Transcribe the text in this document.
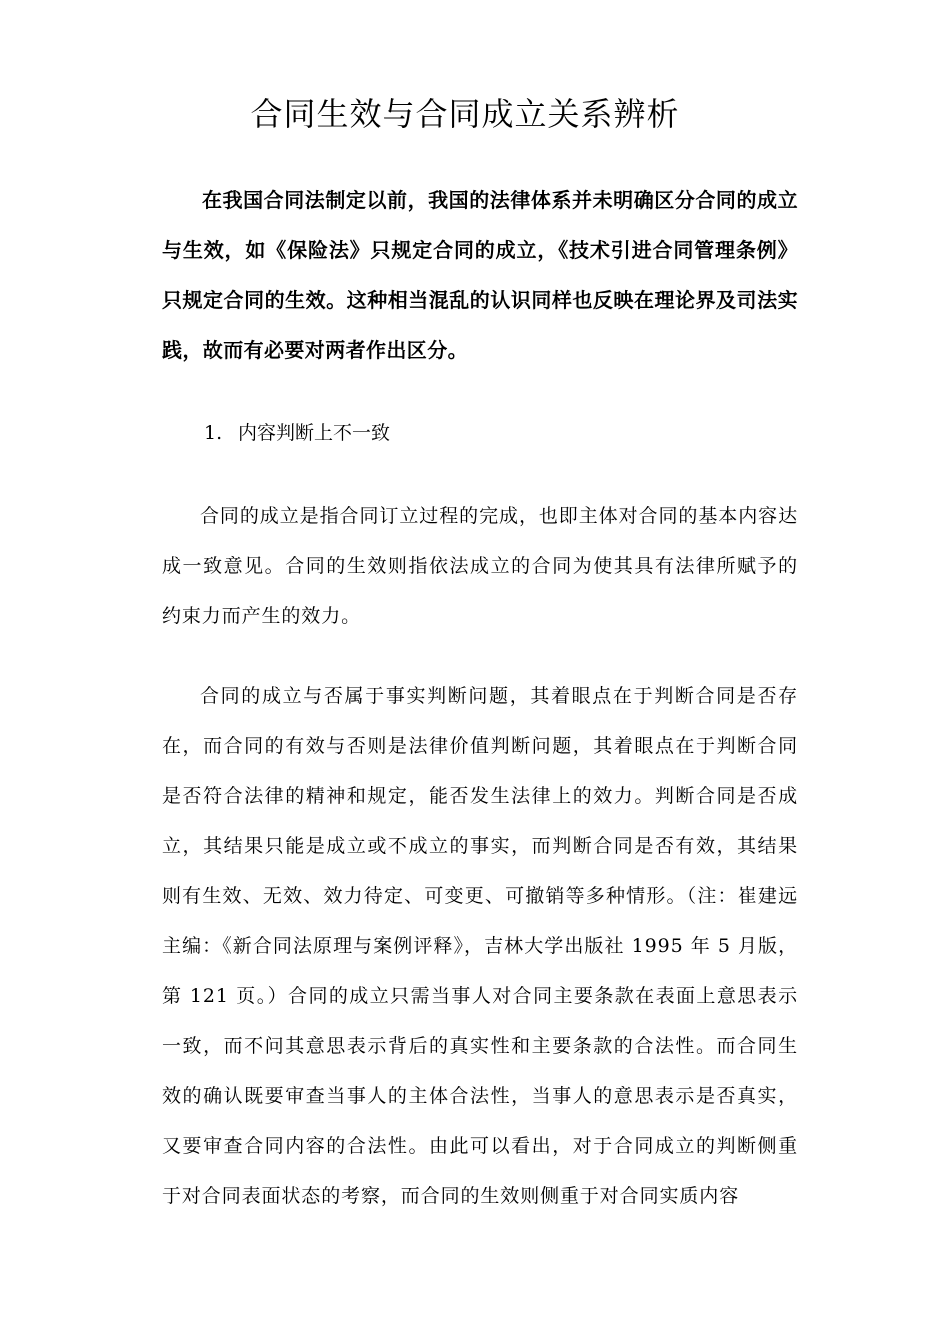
合同生效与合同成立关系辨析

在我国合同法制定以前，我国的法律体系并未明确区分合同的成立与生效，如《保险法》只规定合同的成立，《技术引进合同管理条例》只规定合同的生效。这种相当混乱的认识同样也反映在理论界及司法实践，故而有必要对两者作出区分。

1. 内容判断上不一致

合同的成立是指合同订立过程的完成，也即主体对合同的基本内容达成一致意见。合同的生效则指依法成立的合同为使其具有法律所赋予的约束力而产生的效力。

合同的成立与否属于事实判断问题，其着眼点在于判断合同是否存在，而合同的有效与否则是法律价值判断问题，其着眼点在于判断合同是否符合法律的精神和规定，能否发生法律上的效力。判断合同是否成立，其结果只能是成立或不成立的事实，而判断合同是否有效，其结果则有生效、无效、效力待定、可变更、可撤销等多种情形。（注：崔建远主编：《新合同法原理与案例评释》，吉林大学出版社 1995 年 5 月版，第 121 页。）合同的成立只需当事人对合同主要条款在表面上意思表示一致，而不问其意思表示背后的真实性和主要条款的合法性。而合同生效的确认既要审查当事人的主体合法性，当事人的意思表示是否真实，又要审查合同内容的合法性。由此可以看出，对于合同成立的判断侧重于对合同表面状态的考察，而合同的生效则侧重于对合同实质内容
